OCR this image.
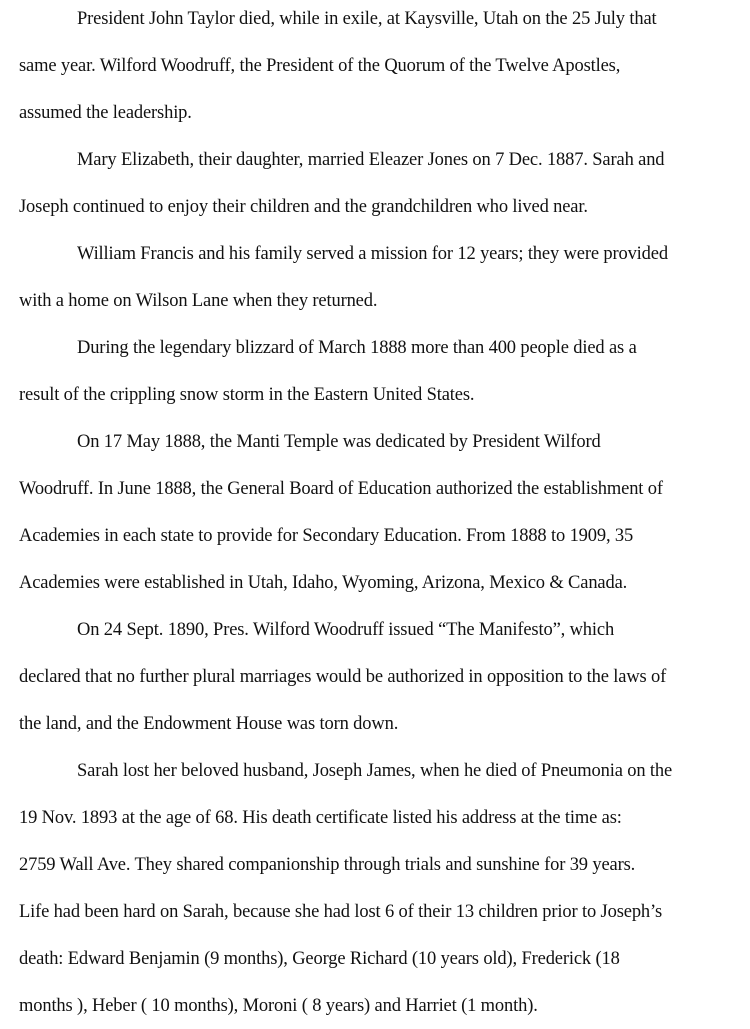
President John Taylor died, while in exile, at Kaysville, Utah on the 25 July that
same year. Wilford Woodruff, the President of the Quorum of the Twelve Apostles,
assumed the leadership.
Mary Elizabeth, their daughter, married Eleazer Jones on 7 Dec. 1887. Sarah and
Joseph continued to enjoy their children and the grandchildren who lived near.
William Francis and his family served a mission for 12 years; they were provided
with a home on Wilson Lane when they returned.
During the legendary blizzard of March 1888 more than 400 people died as a
result of the crippling snow storm in the Eastern United States.
On 17 May 1888, the Manti Temple was dedicated by President Wilford
Woodruff. In June 1888, the General Board of Education authorized the establishment of
Academies in each state to provide for Secondary Education. From 1888 to 1909, 35
Academies were established in Utah, Idaho, Wyoming, Arizona, Mexico & Canada.
On 24 Sept. 1890, Pres. Wilford Woodruff issued “The Manifesto”, which
declared that no further plural marriages would be authorized in opposition to the laws of
the land, and the Endowment House was torn down.
Sarah lost her beloved husband, Joseph James, when he died of Pneumonia on the
19 Nov. 1893 at the age of 68. His death certificate listed his address at the time as:
2759 Wall Ave. They shared companionship through trials and sunshine for 39 years.
Life had been hard on Sarah, because she had lost 6 of their 13 children prior to Joseph’s
death: Edward Benjamin (9 months), George Richard (10 years old), Frederick (18
months ), Heber ( 10 months), Moroni ( 8 years) and Harriet (1 month).
